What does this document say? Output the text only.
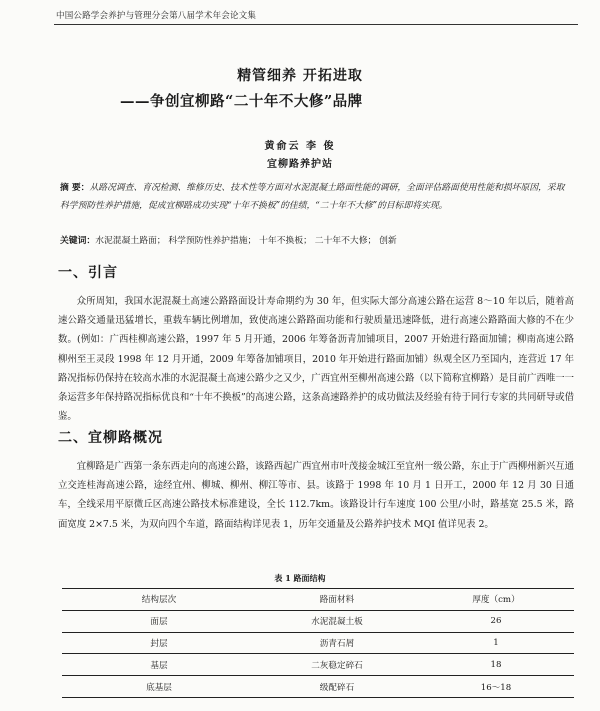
中国公路学会养护与管理分会第八届学术年会论文集
精管细养 开拓进取
——争创宜柳路“二十年不大修”品牌
黄俞云 李 俊
宜柳路养护站
摘 要：从路况调查、育况检测、维修历史、技术性等方面对水泥混凝土路面性能的调研，全面评估路面使用性能和损坏原因，采取科学预防性养护措施，促成宜柳路成功实现“十年不换板”的佳绩，“二十年不大修”的目标即将实现。
关键词：水泥混凝土路面； 科学预防性养护措施； 十年不换板； 二十年不大修； 创新
一、引言
众所周知，我国水泥混凝土高速公路路面设计寿命期约为 30 年，但实际大部分高速公路在运营 8～10 年以后，随着高速公路交通量迅猛增长，重载车辆比例增加，致使高速公路路面功能和行驶质量迅速降低，进行高速公路路面大修的不在少数。(例如：广西桂柳高速公路，1997 年 5 月开通，2006 年筹备沥青加铺项目，2007 开始进行路面加铺；柳南高速公路柳州至王灵段 1998 年 12 月开通，2009 年筹备加铺项目，2010 年开始进行路面加铺）纵观全区乃至国内，连营近 17 年路况指标仍保持在较高水准的水泥混凝土高速公路少之又少，广西宜州至柳州高速公路（以下简称宜柳路）是目前广西唯一一条运营多年保持路况指标优良和“十年不换板”的高速公路，这条高速路养护的成功做法及经验有待于同行专家的共同研导或借鉴。
二、宜柳路概况
宜柳路是广西第一条东西走向的高速公路，该路西起广西宜州市叶茂接金城江至宜州一级公路，东止于广西柳州新兴互通立交连桂海高速公路，途经宜州、柳城、柳州、柳江等市、县。该路于 1998 年 10 月 1 日开工，2000 年 12 月 30 日通车，全线采用平原微丘区高速公路技术标准建设，全长 112.7km。该路设计行车速度 100 公里/小时，路基宽 25.5 米，路面宽度 2×7.5 米，为双向四个车道，路面结构详见表 1，历年交通量及公路养护技术 MQI 值详见表 2。
表 1 路面结构
结构层次	路面材料	厚度（cm）
面层	水泥混凝土板	26
封层	沥青石屑	1
基层	二灰稳定碎石	18
底基层	级配碎石	16～18
